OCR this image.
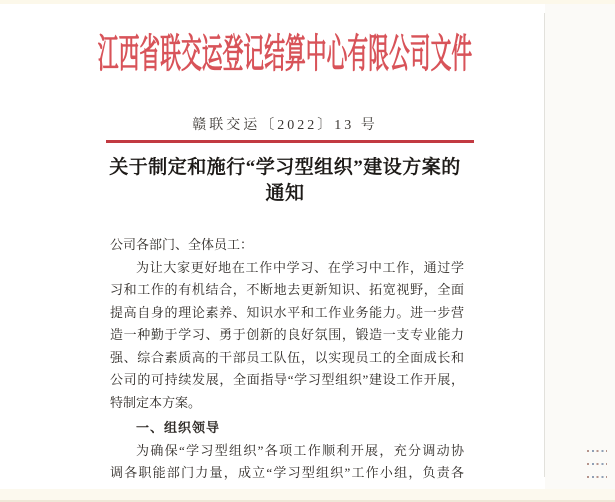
江西省联交运登记结算中心有限公司文件
赣联交运〔2022〕13 号
关于制定和施行“学习型组织”建设方案的
通知
公司各部门、全体员工：
为让大家更好地在工作中学习、在学习中工作，通过学
习和工作的有机结合，不断地去更新知识、拓宽视野，全面
提高自身的理论素养、知识水平和工作业务能力。进一步营
造一种勤于学习、勇于创新的良好氛围，锻造一支专业能力
强、综合素质高的干部员工队伍，以实现员工的全面成长和
公司的可持续发展，全面指导“学习型组织”建设工作开展，
特制定本方案。
一、组织领导
为确保“学习型组织”各项工作顺利开展，充分调动协
调各职能部门力量，成立“学习型组织”工作小组，负责各
